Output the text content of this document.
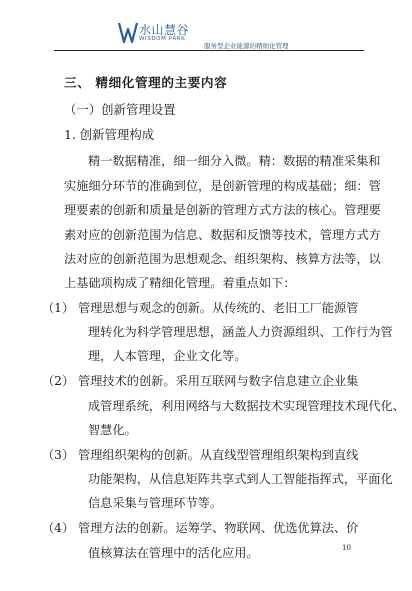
水山慧谷
WISDOM PARK
服务型企业能源的精细化管理
三、 精细化管理的主要内容
（一）创新管理设置
1. 创新管理构成
精一数据精准，细一细分入微。精：数据的精准采集和
实施细分环节的准确到位，是创新管理的构成基础；细：管
理要素的创新和质量是创新的管理方式方法的核心。管理要
素对应的创新范围为信息、数据和反馈等技术，管理方式方
法对应的创新范围为思想观念、组织架构、核算方法等，以
上基础项构成了精细化管理。着重点如下：
（1） 管理思想与观念的创新。从传统的、老旧工厂能源管
理转化为科学管理思想，涵盖人力资源组织、工作行为管
理，人本管理，企业文化等。
（2） 管理技术的创新。采用互联网与数字信息建立企业集
成管理系统，利用网络与大数据技术实现管理技术现代化、
智慧化。
（3） 管理组织架构的创新。从直线型管理组织架构到直线
功能架构，从信息矩阵共享式到人工智能指挥式，平面化
信息采集与管理环节等。
（4） 管理方法的创新。运筹学、物联网、优选优算法、价
值核算法在管理中的活化应用。	10
